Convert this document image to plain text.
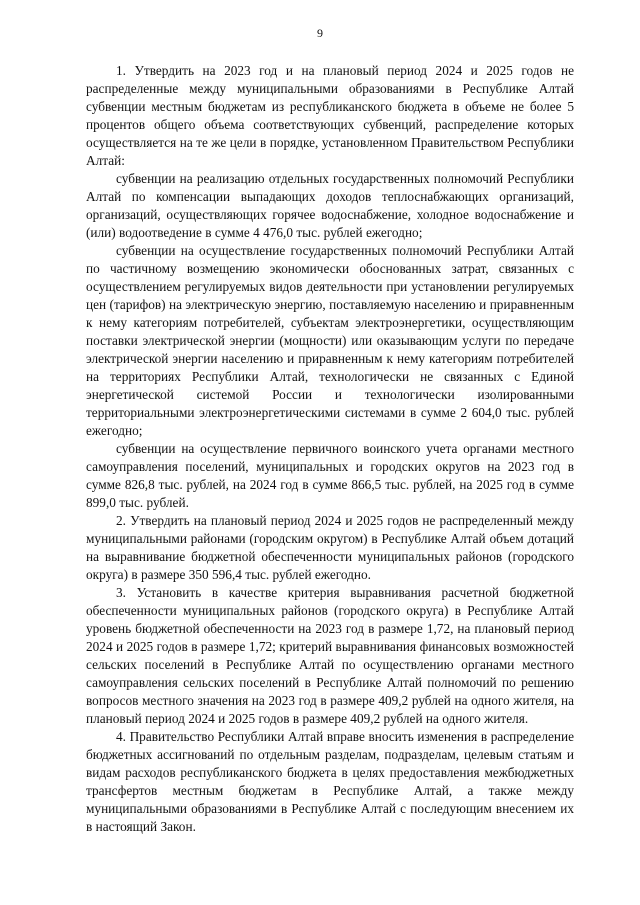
9

1. Утвердить на 2023 год и на плановый период 2024 и 2025 годов не распределенные между муниципальными образованиями в Республике Алтай субвенции местным бюджетам из республиканского бюджета в объеме не более 5 процентов общего объема соответствующих субвенций, распределение которых осуществляется на те же цели в порядке, установленном Правительством Республики Алтай:

субвенции на реализацию отдельных государственных полномочий Республики Алтай по компенсации выпадающих доходов теплоснабжающих организаций, организаций, осуществляющих горячее водоснабжение, холодное водоснабжение и (или) водоотведение в сумме 4 476,0 тыс. рублей ежегодно;

субвенции на осуществление государственных полномочий Республики Алтай по частичному возмещению экономически обоснованных затрат, связанных с осуществлением регулируемых видов деятельности при установлении регулируемых цен (тарифов) на электрическую энергию, поставляемую населению и приравненным к нему категориям потребителей, субъектам электроэнергетики, осуществляющим поставки электрической энергии (мощности) или оказывающим услуги по передаче электрической энергии населению и приравненным к нему категориям потребителей на территориях Республики Алтай, технологически не связанных с Единой энергетической системой России и технологически изолированными территориальными электроэнергетическими системами в сумме 2 604,0 тыс. рублей ежегодно;

субвенции на осуществление первичного воинского учета органами местного самоуправления поселений, муниципальных и городских округов на 2023 год в сумме 826,8 тыс. рублей, на 2024 год в сумме 866,5 тыс. рублей, на 2025 год в сумме 899,0 тыс. рублей.

2. Утвердить на плановый период 2024 и 2025 годов не распределенный между муниципальными районами (городским округом) в Республике Алтай объем дотаций на выравнивание бюджетной обеспеченности муниципальных районов (городского округа) в размере 350 596,4 тыс. рублей ежегодно.

3. Установить в качестве критерия выравнивания расчетной бюджетной обеспеченности муниципальных районов (городского округа) в Республике Алтай уровень бюджетной обеспеченности на 2023 год в размере 1,72, на плановый период 2024 и 2025 годов в размере 1,72; критерий выравнивания финансовых возможностей сельских поселений в Республике Алтай по осуществлению органами местного самоуправления сельских поселений в Республике Алтай полномочий по решению вопросов местного значения на 2023 год в размере 409,2 рублей на одного жителя, на плановый период 2024 и 2025 годов в размере 409,2 рублей на одного жителя.

4. Правительство Республики Алтай вправе вносить изменения в распределение бюджетных ассигнований по отдельным разделам, подразделам, целевым статьям и видам расходов республиканского бюджета в целях предоставления межбюджетных трансфертов местным бюджетам в Республике Алтай, а также между муниципальными образованиями в Республике Алтай с последующим внесением их в настоящий Закон.
